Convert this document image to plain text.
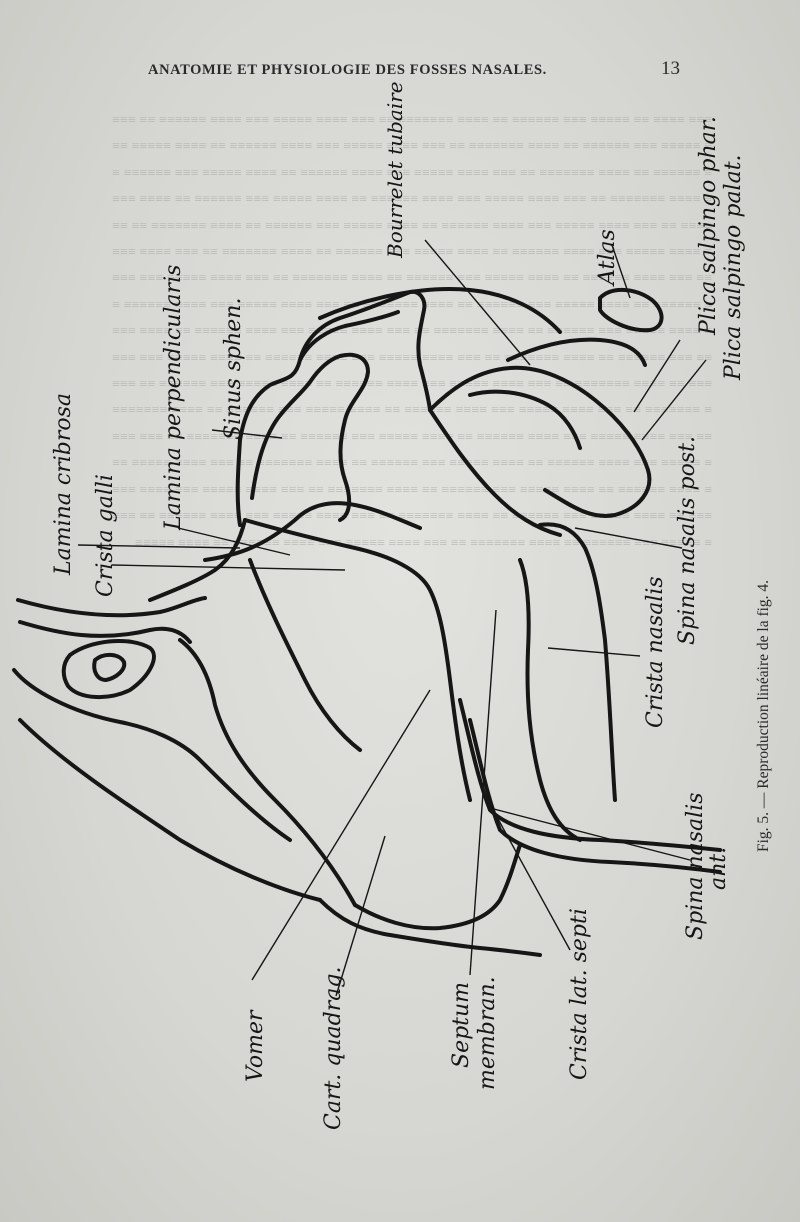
ANATOMIE ET PHYSIOLOGIE DES FOSSES NASALES.	13
≡≡≡ ≡≡≡≡ ≡≡ ≡≡≡≡≡ ≡≡≡ ≡≡≡≡≡≡ ≡≡ ≡≡≡≡ ≡≡≡≡≡≡≡ ≡≡ ≡≡≡ ≡≡≡≡ ≡≡≡≡≡ ≡≡≡ ≡≡≡≡ ≡≡≡≡≡≡ ≡≡ ≡≡≡≡ ≡≡≡≡≡ ≡≡≡ ≡≡≡≡≡≡ ≡≡ ≡≡≡≡ ≡≡≡≡≡≡≡ ≡≡ ≡≡≡ ≡≡≡≡ ≡≡≡≡≡ ≡≡≡ ≡≡≡≡ ≡≡≡≡≡≡ ≡≡ ≡≡≡≡ ≡≡≡≡≡ ≡≡≡ ≡≡≡≡≡≡ ≡≡ ≡≡≡≡ ≡≡≡≡≡≡≡ ≡≡ ≡≡≡ ≡≡≡≡ ≡≡≡≡≡ ≡≡≡ ≡≡≡≡ ≡≡≡≡≡≡ ≡≡ ≡≡≡≡ ≡≡≡≡≡ ≡≡≡ ≡≡≡≡≡≡ ≡≡ ≡≡≡≡ ≡≡≡≡≡≡≡ ≡≡ ≡≡≡ ≡≡≡≡ ≡≡≡≡≡ ≡≡≡ ≡≡≡≡ ≡≡≡≡≡≡ ≡≡ ≡≡≡≡ ≡≡≡≡≡ ≡≡≡ ≡≡≡≡≡≡ ≡≡ ≡≡≡≡ ≡≡≡≡≡≡≡ ≡≡ ≡≡≡ ≡≡≡≡ ≡≡≡≡≡ ≡≡≡ ≡≡≡≡ ≡≡≡≡≡≡ ≡≡ ≡≡≡≡ ≡≡≡≡≡ ≡≡≡ ≡≡≡≡≡≡ ≡≡ ≡≡≡≡ ≡≡≡≡≡≡≡ ≡≡ ≡≡≡ ≡≡≡≡ ≡≡≡≡≡ ≡≡≡ ≡≡≡≡ ≡≡≡≡≡≡ ≡≡ ≡≡≡≡ ≡≡≡≡≡ ≡≡≡ ≡≡≡≡≡≡ ≡≡ ≡≡≡≡ ≡≡≡≡≡≡≡ ≡≡ ≡≡≡ ≡≡≡≡ ≡≡≡≡≡ ≡≡≡ ≡≡≡≡ ≡≡≡≡≡≡ ≡≡ ≡≡≡≡ ≡≡≡≡≡ ≡≡≡ ≡≡≡≡≡≡ ≡≡ ≡≡≡≡ ≡≡≡≡≡≡≡ ≡≡ ≡≡≡ ≡≡≡≡ ≡≡≡≡≡ ≡≡≡ ≡≡≡≡ ≡≡≡≡≡≡ ≡≡ ≡≡≡≡ ≡≡≡≡≡ ≡≡≡ ≡≡≡≡≡≡ ≡≡ ≡≡≡≡ ≡≡≡≡≡≡≡ ≡≡ ≡≡≡ ≡≡≡≡ ≡≡≡≡≡ ≡≡≡ ≡≡≡≡ ≡≡≡≡≡≡ ≡≡ ≡≡≡≡ ≡≡≡≡≡ ≡≡≡ ≡≡≡≡≡≡ ≡≡ ≡≡≡≡ ≡≡≡≡≡≡≡ ≡≡ ≡≡≡ ≡≡≡≡ ≡≡≡≡≡ ≡≡≡ ≡≡≡≡ ≡≡≡≡≡≡ ≡≡ ≡≡≡≡ ≡≡≡≡≡ ≡≡≡ ≡≡≡≡≡≡ ≡≡ ≡≡≡≡ ≡≡≡≡≡≡≡ ≡≡ ≡≡≡ ≡≡≡≡ ≡≡≡≡≡ ≡≡≡ ≡≡≡≡ ≡≡≡≡≡≡ ≡≡ ≡≡≡≡ ≡≡≡≡≡ ≡≡≡ ≡≡≡≡≡≡ ≡≡ ≡≡≡≡ ≡≡≡≡≡≡≡ ≡≡ ≡≡≡ ≡≡≡≡ ≡≡≡≡≡ ≡≡≡ ≡≡≡≡ ≡≡≡≡≡≡ ≡≡ ≡≡≡≡ ≡≡≡≡≡ ≡≡≡ ≡≡≡≡≡≡ ≡≡ ≡≡≡≡ ≡≡≡≡≡≡≡ ≡≡ ≡≡≡ ≡≡≡≡ ≡≡≡≡≡ ≡≡≡ ≡≡≡≡ ≡≡≡≡≡≡ ≡≡ ≡≡≡≡ ≡≡≡≡≡ ≡≡≡ ≡≡≡≡≡≡ ≡≡ ≡≡≡≡ ≡≡≡≡≡≡≡ ≡≡ ≡≡≡ ≡≡≡≡ ≡≡≡≡≡ ≡≡≡ ≡≡≡≡ ≡≡≡≡≡≡ ≡≡ ≡≡≡≡ ≡≡≡≡≡ ≡≡≡ ≡≡≡≡≡≡ ≡≡ ≡≡≡≡ ≡≡≡≡≡≡≡ ≡≡ ≡≡≡ ≡≡≡≡ ≡≡≡≡≡ ≡≡≡ ≡≡≡≡ ≡≡≡≡≡≡ ≡≡ ≡≡≡≡ ≡≡≡≡≡ ≡≡≡ ≡≡≡≡≡≡ ≡≡ ≡≡≡≡ ≡≡≡≡≡≡≡ ≡≡ ≡≡≡ ≡≡≡≡ ≡≡≡≡≡ ≡≡≡ ≡≡≡≡ ≡≡≡≡≡≡ ≡≡ ≡≡≡≡ ≡≡≡≡≡ ≡≡≡ ≡≡≡≡≡≡ ≡≡ ≡≡≡≡ ≡≡≡≡≡≡≡ ≡≡ ≡≡≡ ≡≡≡≡ ≡≡≡≡≡ ≡≡≡ ≡≡≡≡ ≡≡≡≡≡≡ ≡≡ ≡≡≡≡ ≡≡≡≡≡ ≡≡≡ ≡≡≡≡≡≡ ≡≡ ≡≡≡≡ ≡≡≡≡≡≡≡ ≡≡ ≡≡≡ ≡≡≡≡ ≡≡≡≡≡ ≡≡≡ ≡≡≡≡ ≡≡≡≡≡≡ ≡≡ ≡≡≡≡ ≡≡≡≡≡ ≡≡≡ ≡≡≡≡≡≡ ≡≡ ≡≡≡≡ ≡≡≡≡≡≡≡ ≡≡ ≡≡≡ ≡≡≡≡ ≡≡≡≡≡ ≡≡≡ ≡≡≡≡ ≡≡≡≡≡≡ ≡≡ ≡≡≡≡ ≡≡≡≡≡
Lamina cribrosa Crista galli
Lamina perpendicularis Sinus sphen.
Bourrelet tubaire	Atlas	Plica salpingo phar. Plica salpingo palat.
Spina nasalis post.
Crista nasalis
Spina nasalis
ant.
Crista lat. septi
Septum membran.
Cart. quadrag.
Vomer
Fig. 5. — Reproduction linéaire de la fig. 4.
